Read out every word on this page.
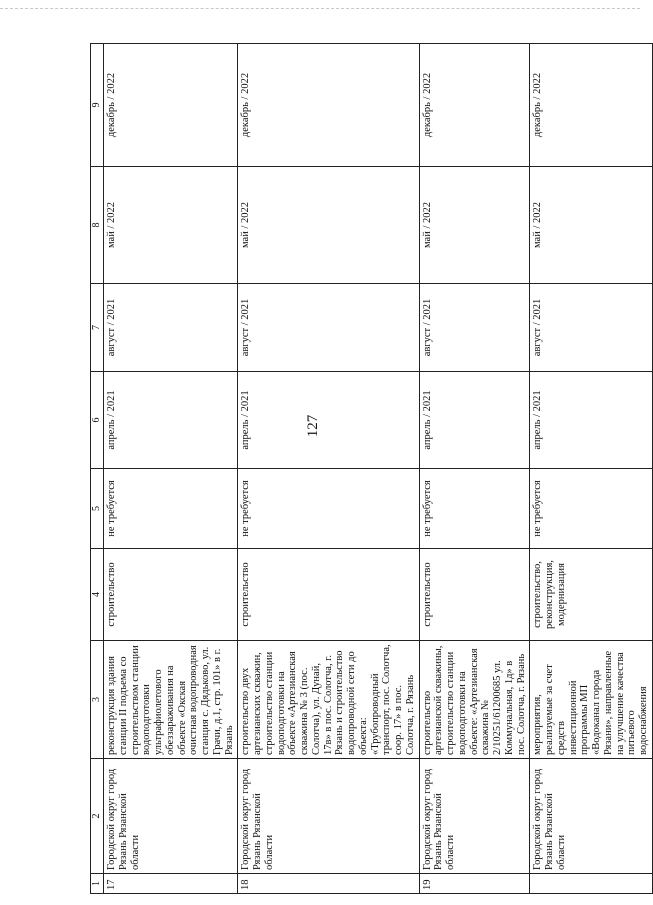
127
1	2	3	4	5	6	7	8	9
17	Городской округ город Рязань Рязанской области	реконструкция здания станции II подъема со строительством станции водоподготовки ультрафиолетового обеззараживания на объекте «Окская очистная водопроводная станция с. Дядьково, ул. Грачи, д.1, стр. 101» в г. Рязань	строительство	не требуется	апрель / 2021	август / 2021	май / 2022	декабрь / 2022
18	Городской округ город Рязань Рязанской области	строительство двух артезианских скважин, строительство станции водоподготовки на объекте «Артезианская скважина № 3 (пос. Солотча), ул. Дунай, 17в» в пос. Солотча, г. Рязань и строительство водопроводной сети до объекта: «Трубопроводный транспорт, пос. Солотча, соор. 17» в пос. Солотча, г. Рязань	строительство	не требуется	апрель / 2021	август / 2021	май / 2022	декабрь / 2022
19	Городской округ город Рязань Рязанской области	строительство артезианской скважины, строительство станции водоподготовки на объекте: «Артезианская скважина № 2/10251/61200685 ул. Коммунальная, 1д» в пос. Солотча, г. Рязань	строительство	не требуется	апрель / 2021	август / 2021	май / 2022	декабрь / 2022
	Городской округ город Рязань Рязанской области	мероприятия, реализуемые за счет средств инвестиционной программы МП «Водоканал города Рязани», направленные на улучшение качества питьевого водоснабжения	строительство, реконструкция, модернизация	не требуется	апрель / 2021	август / 2021	май / 2022	декабрь / 2022
